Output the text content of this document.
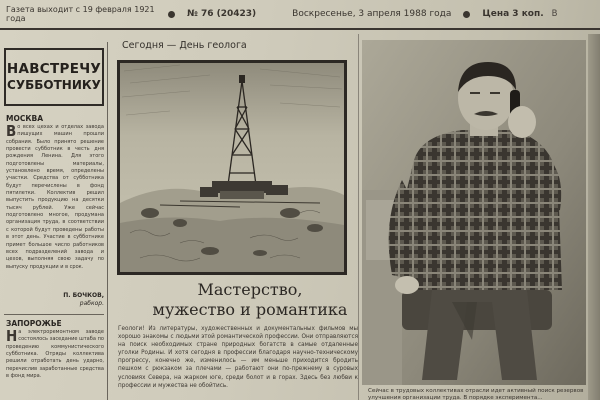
Газета выходит с 19 февраля 1921 года	№ 76 (20423)	Воскресенье, 3 апреля 1988 года	Цена 3 коп. В
НАВСТРЕЧУ
СУББОТНИКУ
МОСКВА
Во всех цехах и отделах завода пишущих машин прошли собрания. Было принято решение провести субботник в честь дня рождения Ленина. Для этого подготовлены материалы, установлено время, определены участки. Средства от субботника будут перечислены в фонд пятилетки. Коллектив решил выпустить продукцию на десятки тысяч рублей. Уже сейчас подготовлено многое, продумана организация труда, в соответствии с которой будут проведены работы в этот день. Участие в субботнике примет большое число работников всех подразделений завода и цехов, выполняя свою задачу по выпуску продукции и в срок.
П. БОЧКОВ,
рабкор.
ЗАПОРОЖЬЕ
На электроремонтном заводе состоялось заседание штаба по проведению коммунистического субботника. Отряды коллектива решили отработать день ударно, перечислив заработанные средства в фонд мира.
Сегодня — День геолога
Мастерство,
мужество и романтика
Геологи! Из литературы, художественных и документальных фильмов мы хорошо знакомы с людьми этой романтической профессии. Они отправляются на поиск необходимых стране природных богатств в самые отдаленные уголки Родины. И хотя сегодня в профессии благодаря научно-техническому прогрессу, конечно же, изменилось — им меньше приходится бродить пешком с рюкзаком за плечами — работают они по-прежнему в суровых условиях Севера, на жарком юге, среди болот и в горах. Здесь без любви к профессии и мужества не обойтись.
Сейчас в трудовых коллективах отрасли идет активный поиск резервов улучшения организации труда. В порядке эксперимента...
